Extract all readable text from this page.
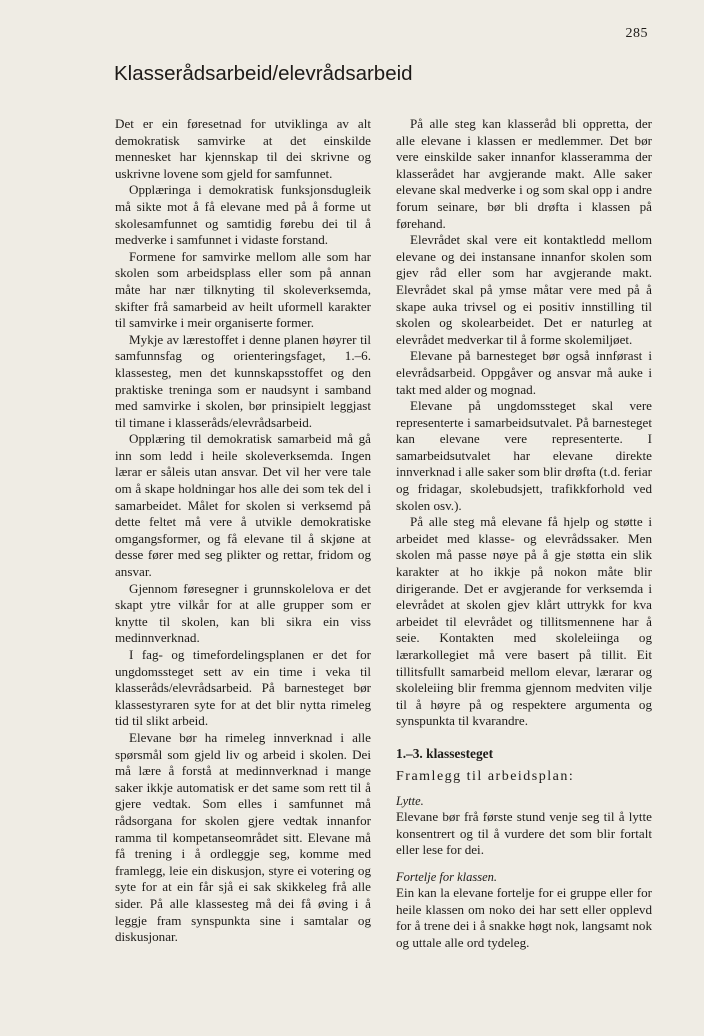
285
Klasserådsarbeid/elevrådsarbeid

Det er ein føresetnad for utviklinga av alt demokratisk samvirke at det einskilde mennesket har kjennskap til dei skrivne og uskrivne lovene som gjeld for samfunnet.

Opplæringa i demokratisk funksjonsdugleik må sikte mot å få elevane med på å forme ut skolesamfunnet og samtidig førebu dei til å medverke i samfunnet i vidaste forstand.

Formene for samvirke mellom alle som har skolen som arbeidsplass eller som på annan måte har nær tilknyting til skoleverksemda, skifter frå samarbeid av heilt uformell karakter til samvirke i meir organiserte former.

Mykje av lærestoffet i denne planen høyrer til samfunnsfag og orienteringsfaget, 1.–6. klassesteg, men det kunnskapsstoffet og den praktiske treninga som er naudsynt i samband med samvirke i skolen, bør prinsipielt leggjast til timane i klasseråds/elevrådsarbeid.

Opplæring til demokratisk samarbeid må gå inn som ledd i heile skoleverksemda. Ingen lærar er såleis utan ansvar. Det vil her vere tale om å skape holdningar hos alle dei som tek del i samarbeidet. Målet for skolen si verksemd på dette feltet må vere å utvikle demokratiske omgangsformer, og få elevane til å skjøne at desse fører med seg plikter og rettar, fridom og ansvar.

Gjennom føresegner i grunnskolelova er det skapt ytre vilkår for at alle grupper som er knytte til skolen, kan bli sikra ein viss medinnverknad.

I fag- og timefordelingsplanen er det for ungdomssteget sett av ein time i veka til klasseråds/elevrådsarbeid. På barnesteget bør klassestyraren syte for at det blir nytta rimeleg tid til slikt arbeid.

Elevane bør ha rimeleg innverknad i alle spørsmål som gjeld liv og arbeid i skolen. Dei må lære å forstå at medinnverknad i mange saker ikkje automatisk er det same som rett til å gjere vedtak. Som elles i samfunnet må rådsorgana for skolen gjere vedtak innanfor ramma til kompetanseområdet sitt. Elevane må få trening i å ordleggje seg, komme med framlegg, leie ein diskusjon, styre ei votering og syte for at ein får sjå ei sak skikkeleg frå alle sider. På alle klassesteg må dei få øving i å leggje fram synspunkta sine i samtalar og diskusjonar.

På alle steg kan klasseråd bli oppretta, der alle elevane i klassen er medlemmer. Det bør vere einskilde saker innanfor klasseramma der klasserådet har avgjerande makt. Alle saker elevane skal medverke i og som skal opp i andre forum seinare, bør bli drøfta i klassen på førehand.

Elevrådet skal vere eit kontaktledd mellom elevane og dei instansane innanfor skolen som gjev råd eller som har avgjerande makt. Elevrådet skal på ymse måtar vere med på å skape auka trivsel og ei positiv innstilling til skolen og skolearbeidet. Det er naturleg at elevrådet medverkar til å forme skolemiljøet.

Elevane på barnesteget bør også innførast i elevrådsarbeid. Oppgåver og ansvar må auke i takt med alder og mognad.

Elevane på ungdomssteget skal vere representerte i samarbeidsutvalet. På barnesteget kan elevane vere representerte. I samarbeidsutvalet har elevane direkte innverknad i alle saker som blir drøfta (t.d. feriar og fridagar, skolebudsjett, trafikkforhold ved skolen osv.).

På alle steg må elevane få hjelp og støtte i arbeidet med klasse- og elevrådssaker. Men skolen må passe nøye på å gje støtta ein slik karakter at ho ikkje på nokon måte blir dirigerande. Det er avgjerande for verksemda i elevrådet at skolen gjev klårt uttrykk for kva arbeidet til elevrådet og tillitsmennene har å seie. Kontakten med skoleleiinga og lærarkollegiet må vere basert på tillit. Eit tillitsfullt samarbeid mellom elevar, lærarar og skoleleiing blir fremma gjennom medviten vilje til å høyre på og respektere argumenta og synspunkta til kvarandre.

1.–3. klassesteget
Framlegg til arbeidsplan:
Lytte.

Elevane bør frå første stund venje seg til å lytte konsentrert og til å vurdere det som blir fortalt eller lese for dei.

Fortelje for klassen.

Ein kan la elevane fortelje for ei gruppe eller for heile klassen om noko dei har sett eller opplevd for å trene dei i å snakke høgt nok, langsamt nok og uttale alle ord tydeleg.
